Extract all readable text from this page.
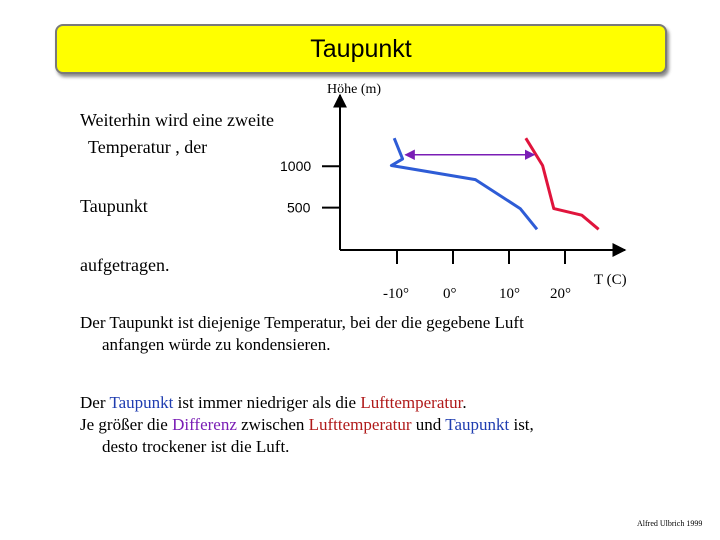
Taupunkt
Weiterhin wird eine zweite
Temperatur , der
Taupunkt
aufgetragen.
-10° 0°	10° 20°
1000
500
Höhe (m)
T (C)
Der Taupunkt ist diejenige Temperatur, bei der die gegebene Luft
anfangen würde zu kondensieren.
Der Taupunkt ist immer niedriger als die Lufttemperatur.
Je größer die Differenz zwischen Lufttemperatur und Taupunkt ist,
desto trockener ist die Luft.
Alfred Ulbrich 1999
